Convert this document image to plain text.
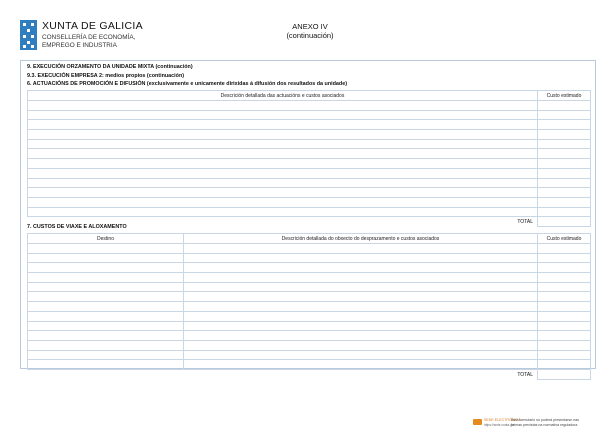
XUNTA DE GALICIA
CONSELLERÍA DE ECONOMÍA,
EMPREGO E INDUSTRIA
ANEXO IV
(continuación)
9. EXECUCIÓN ORZAMENTO DA UNIDADE MIXTA (continuación)
9.3. EXECUCIÓN EMPRESA 2: medios propios (continuación)
6. ACTUACIÓNS DE PROMOCIÓN E DIFUSIÓN (exclusivamente e unicamente dirixidas á difusión dos resultados da unidade)
Descrición detallada das actuacións e custos asociados	Custo estimado

TOTAL	
7. CUSTOS DE VIAXE E ALOXAMENTO
Destino	Descrición detallada do obxecto do desprazamento e custos asociados	Custo estimado

TOTAL		
SEDE ELECTRÓNICA
Este formulario só poderá presentarse nas
formas previstas na normativa reguladora
https://sede.xunta.gal
